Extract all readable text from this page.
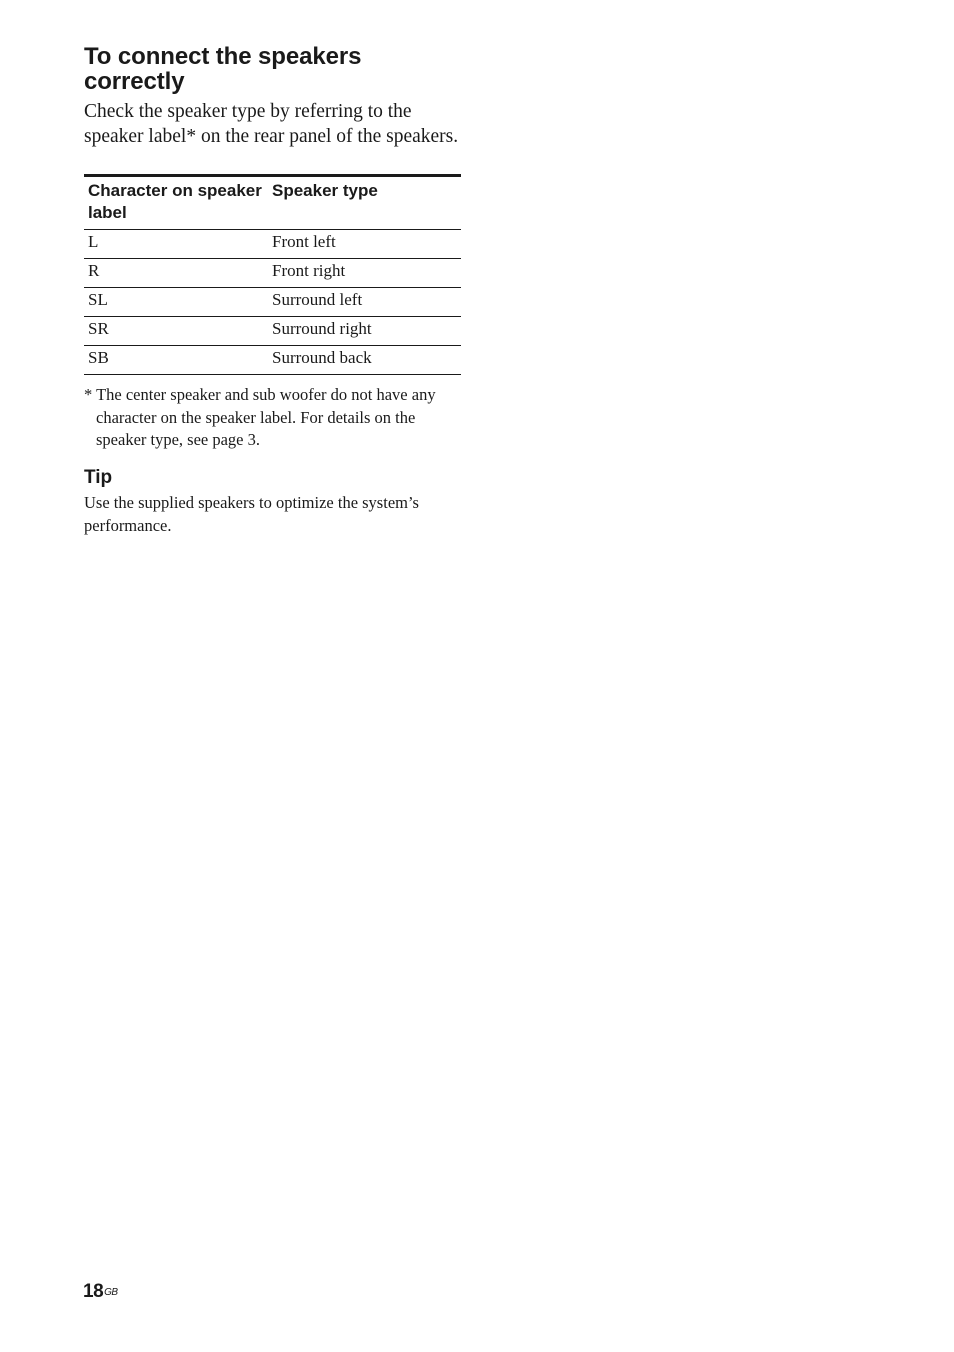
To connect the speakers correctly

Check the speaker type by referring to the speaker label* on the rear panel of the speakers.

Character on speaker label	Speaker type
L	Front left
R	Front right
SL	Surround left
SR	Surround right
SB	Surround back

* The center speaker and sub woofer do not have any character on the speaker label. For details on the speaker type, see page 3.

Tip

Use the supplied speakers to optimize the system’s performance.

$18^{GB}$
